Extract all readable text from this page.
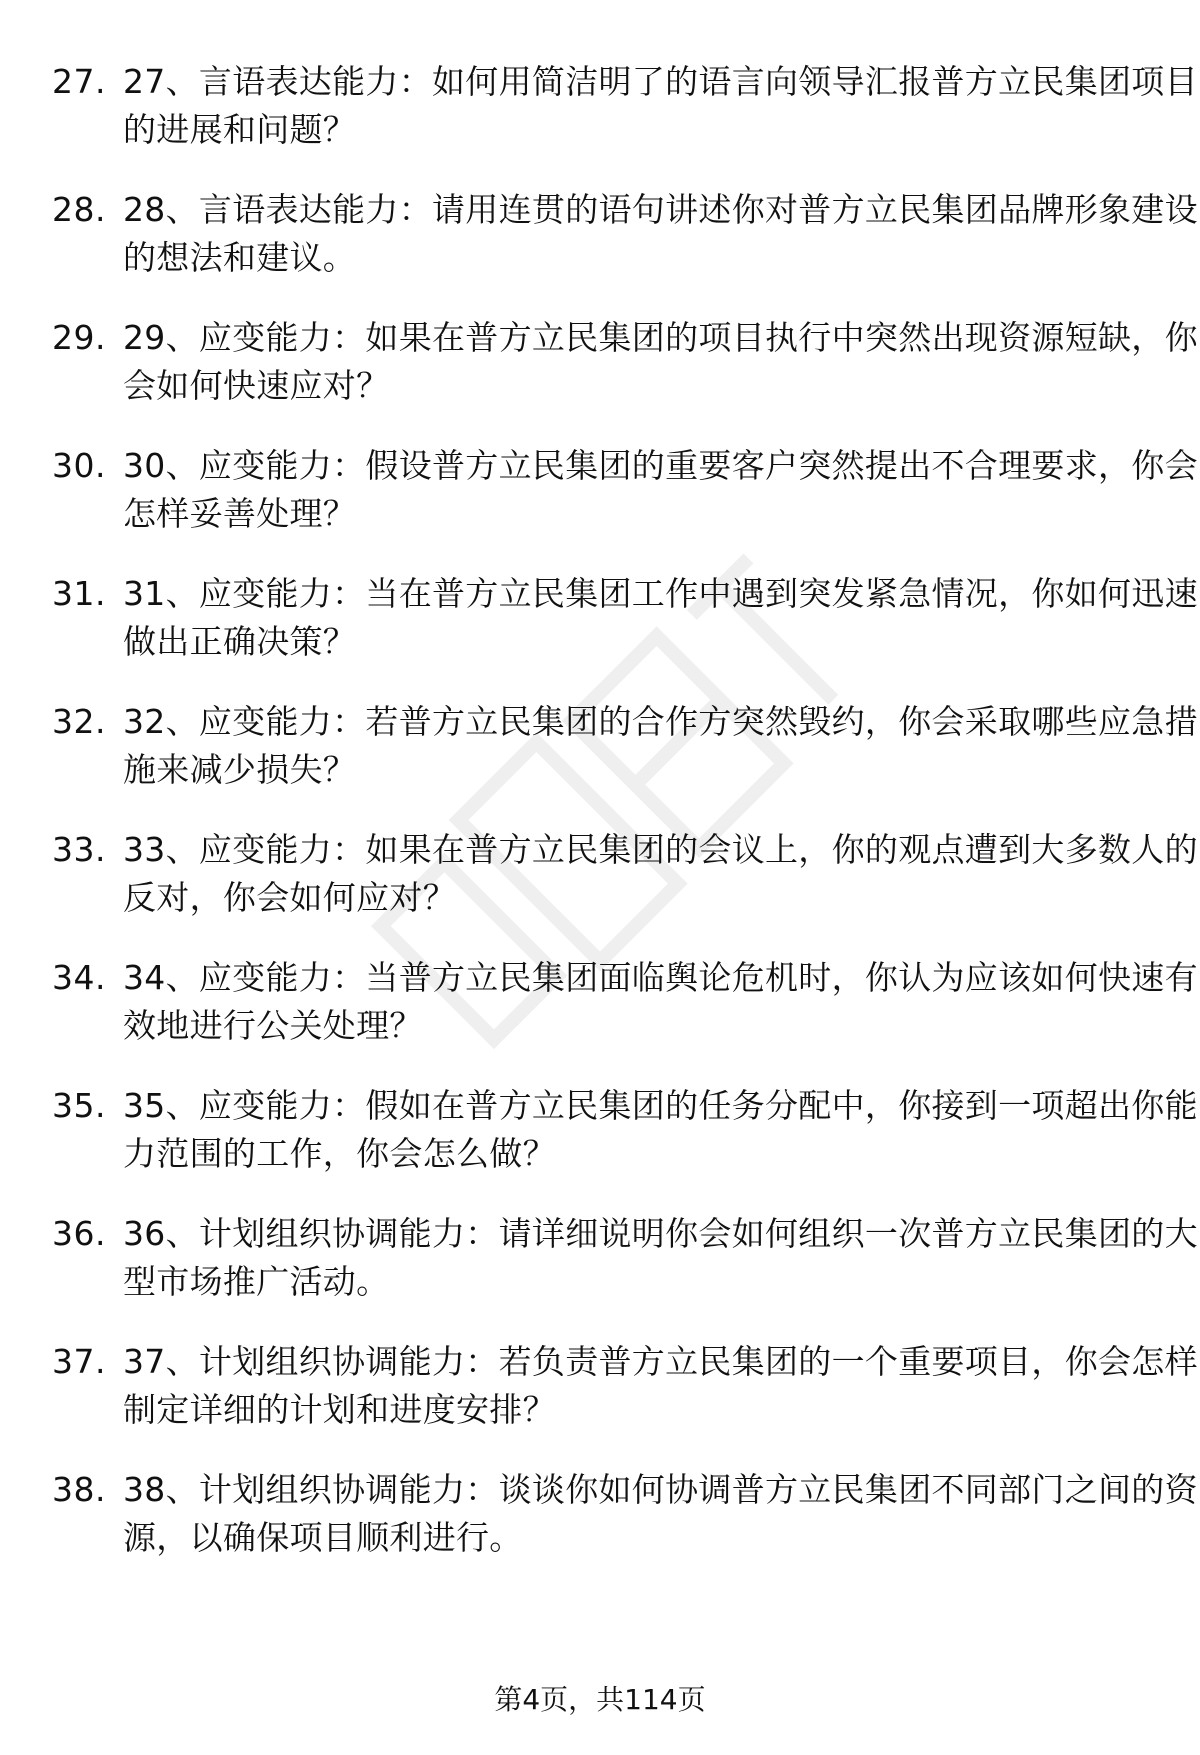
27. 27、言语表达能力：如何用简洁明了的语言向领导汇报普方立民集团项目的进展和问题？
28. 28、言语表达能力：请用连贯的语句讲述你对普方立民集团品牌形象建设的想法和建议。
29. 29、应变能力：如果在普方立民集团的项目执行中突然出现资源短缺，你会如何快速应对？
30. 30、应变能力：假设普方立民集团的重要客户突然提出不合理要求，你会怎样妥善处理？
31. 31、应变能力：当在普方立民集团工作中遇到突发紧急情况，你如何迅速做出正确决策？
32. 32、应变能力：若普方立民集团的合作方突然毁约，你会采取哪些应急措施来减少损失？
33. 33、应变能力：如果在普方立民集团的会议上，你的观点遭到大多数人的反对，你会如何应对？
34. 34、应变能力：当普方立民集团面临舆论危机时，你认为应该如何快速有效地进行公关处理？
35. 35、应变能力：假如在普方立民集团的任务分配中，你接到一项超出你能力范围的工作，你会怎么做？
36. 36、计划组织协调能力：请详细说明你会如何组织一次普方立民集团的大型市场推广活动。
37. 37、计划组织协调能力：若负责普方立民集团的一个重要项目，你会怎样制定详细的计划和进度安排？
38. 38、计划组织协调能力：谈谈你如何协调普方立民集团不同部门之间的资源，以确保项目顺利进行。
第4页，共114页
